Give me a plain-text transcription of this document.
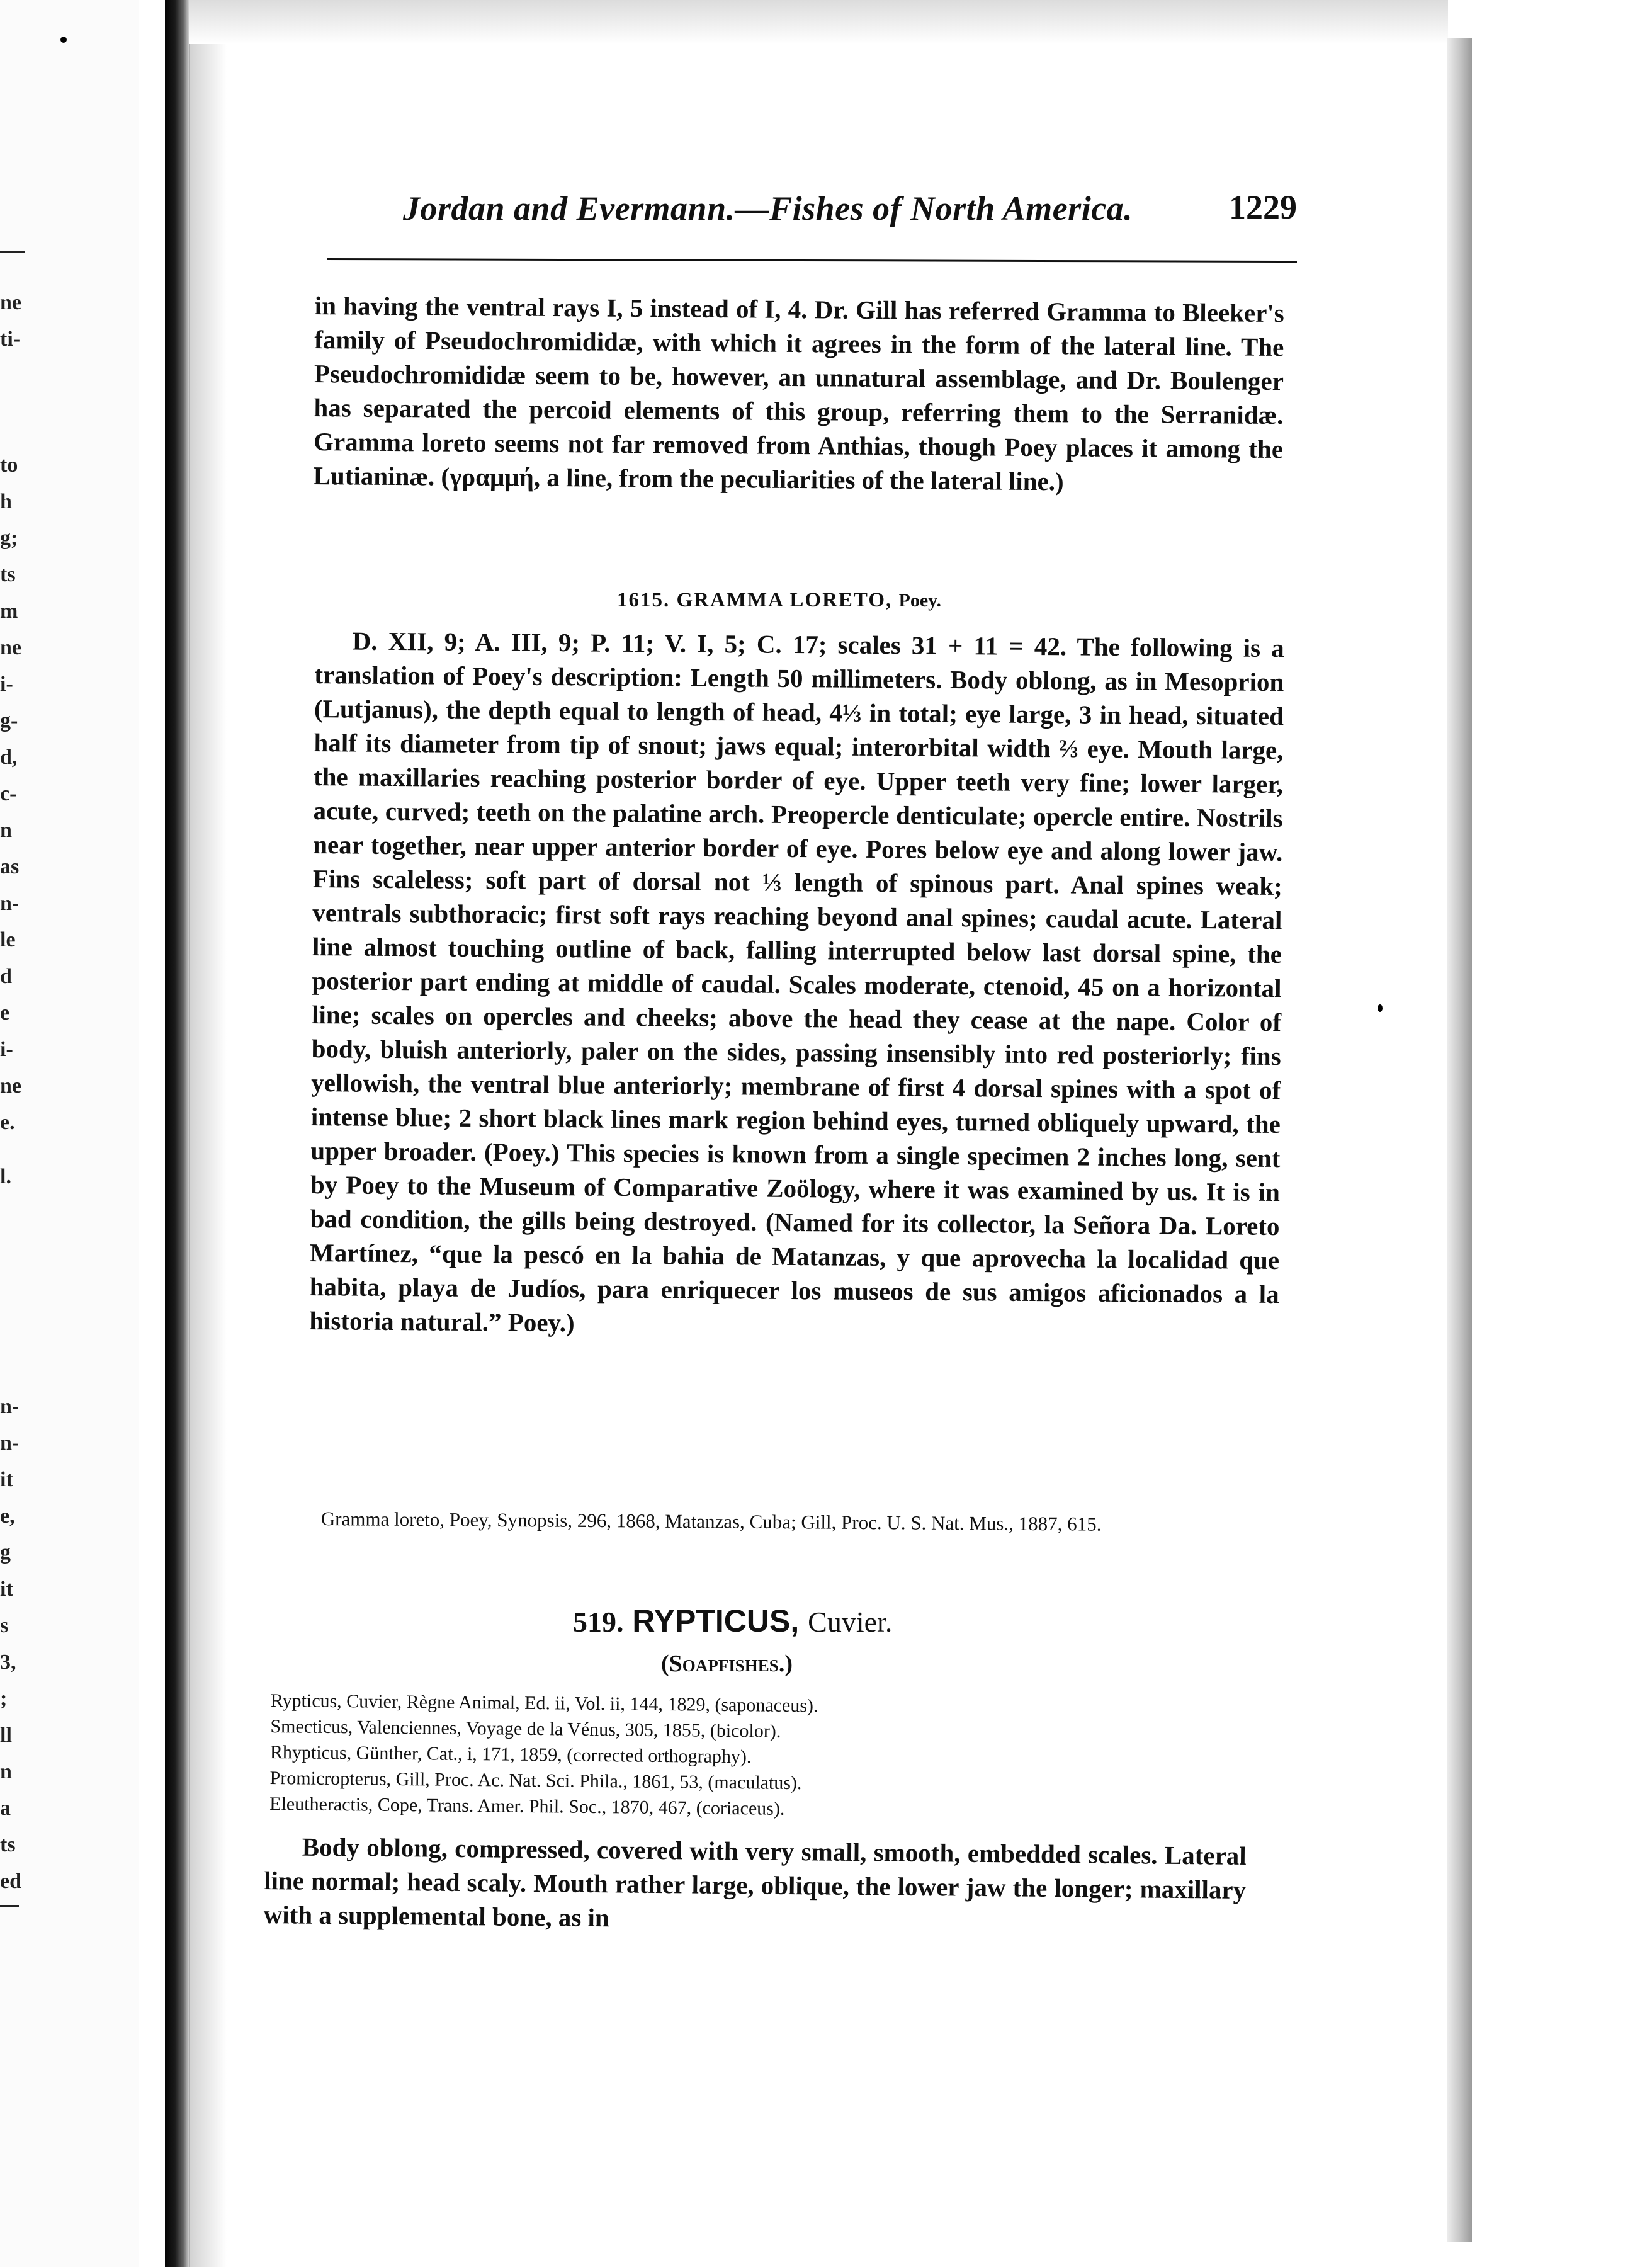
ne
ti-
to
h
g;
ts
m
ne
i-
g-
d,
c-
n
as
n-
le
d
e
i-
ne
e.
l.
n-
n-
it
e,
g
it
s
3,
;
ll
n
a
ts
ed
Jordan and Evermann.—Fishes of North America.	1229

in having the ventral rays I, 5 instead of I, 4. Dr. Gill has referred Gramma to Bleeker's family of Pseudochromididæ, with which it agrees in the form of the lateral line. The Pseudochromididæ seem to be, however, an unnatural assemblage, and Dr. Boulenger has separated the percoid elements of this group, referring them to the Serranidæ. Gramma loreto seems not far removed from Anthias, though Poey places it among the Lutianinæ. (γραμμή, a line, from the peculiarities of the lateral line.)

1615. GRAMMA LORETO, Poey.

D. XII, 9; A. III, 9; P. 11; V. I, 5; C. 17; scales 31 + 11 = 42. The following is a translation of Poey's description: Length 50 millimeters. Body oblong, as in Mesoprion (Lutjanus), the depth equal to length of head, 4⅓ in total; eye large, 3 in head, situated half its diameter from tip of snout; jaws equal; interorbital width ⅔ eye. Mouth large, the maxillaries reaching posterior border of eye. Upper teeth very fine; lower larger, acute, curved; teeth on the palatine arch. Preopercle denticulate; opercle entire. Nostrils near together, near upper anterior border of eye. Pores below eye and along lower jaw. Fins scaleless; soft part of dorsal not ⅓ length of spinous part. Anal spines weak; ventrals subthoracic; first soft rays reaching beyond anal spines; caudal acute. Lateral line almost touching outline of back, falling interrupted below last dorsal spine, the posterior part ending at middle of caudal. Scales moderate, ctenoid, 45 on a horizontal line; scales on opercles and cheeks; above the head they cease at the nape. Color of body, bluish anteriorly, paler on the sides, passing insensibly into red posteriorly; fins yellowish, the ventral blue anteriorly; membrane of first 4 dorsal spines with a spot of intense blue; 2 short black lines mark region behind eyes, turned obliquely upward, the upper broader. (Poey.) This species is known from a single specimen 2 inches long, sent by Poey to the Museum of Comparative Zoölogy, where it was examined by us. It is in bad condition, the gills being destroyed. (Named for its collector, la Señora Da. Loreto Martínez, “que la pescó en la bahia de Matanzas, y que aprovecha la localidad que habita, playa de Judíos, para enriquecer los museos de sus amigos aficionados a la historia natural.” Poey.)

Gramma loreto, Poey, Synopsis, 296, 1868, Matanzas, Cuba; Gill, Proc. U. S. Nat. Mus., 1887, 615.
519. RYPTICUS, Cuvier.
(Soapfishes.)
Rypticus, Cuvier, Règne Animal, Ed. ii, Vol. ii, 144, 1829, (saponaceus).
Smecticus, Valenciennes, Voyage de la Vénus, 305, 1855, (bicolor).
Rhypticus, Günther, Cat., i, 171, 1859, (corrected orthography).
Promicropterus, Gill, Proc. Ac. Nat. Sci. Phila., 1861, 53, (maculatus).
Eleutheractis, Cope, Trans. Amer. Phil. Soc., 1870, 467, (coriaceus).

Body oblong, compressed, covered with very small, smooth, embedded scales. Lateral line normal; head scaly. Mouth rather large, oblique, the lower jaw the longer; maxillary with a supplemental bone, as in
